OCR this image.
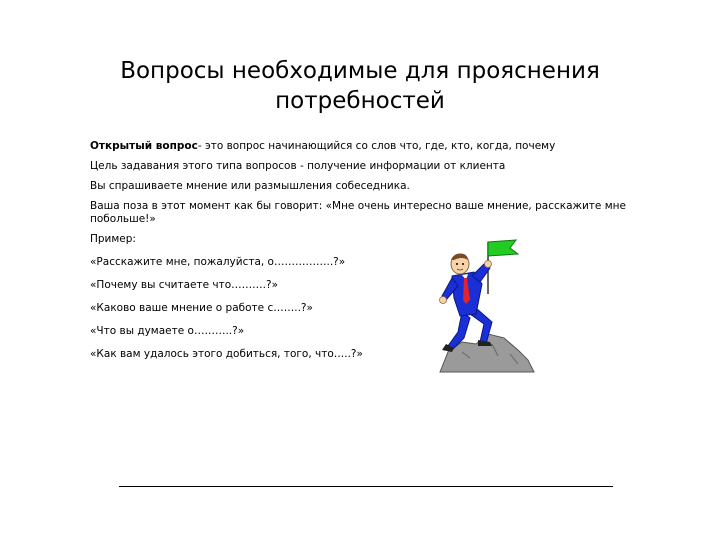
Вопросы необходимые для прояснения
потребностей

Открытый вопрос- это вопрос начинающийся со слов что, где, кто, когда, почему

Цель задавания этого типа вопросов - получение информации от клиента

Вы спрашиваете мнение или размышления собеседника.

Ваша поза в этот момент как бы говорит: «Мне очень интересно ваше мнение, расскажите мне побольше!»

Пример:

«Расскажите мне, пожалуйста, о……………..?»

«Почему вы считаете что……….?»

«Каково ваше мнение о работе с……..?»

«Что вы думаете о………..?»

«Как вам удалось этого добиться, того, что…..?»
